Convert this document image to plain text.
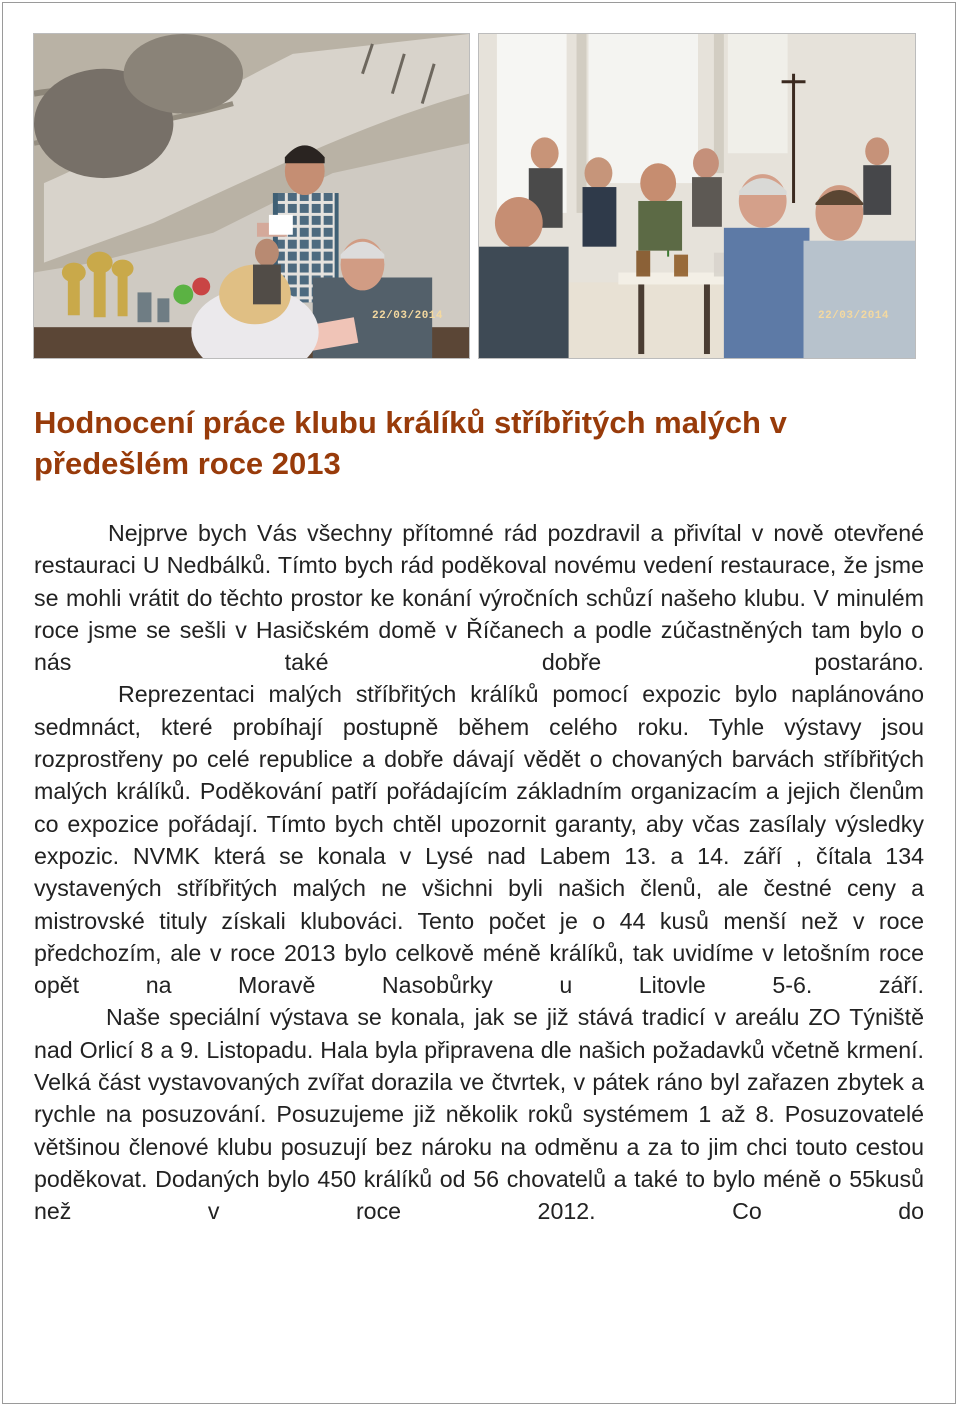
22/03/2014	22/03/2014
Hodnocení práce klubu králíků stříbřitých malých v předešlém roce 2013

Nejprve bych Vás všechny přítomné rád pozdravil a přivítal v nově otevřené restauraci U Nedbálků. Tímto bych rád poděkoval novému vedení restaurace, že jsme se mohli vrátit do těchto prostor ke konání výročních schůzí našeho klubu. V minulém roce jsme se sešli v Hasičském domě v Říčanech a podle zúčastněných tam bylo o nás také dobře postaráno.

Reprezentaci malých stříbřitých králíků pomocí expozic bylo naplánováno sedmnáct, které probíhají postupně během celého roku. Tyhle výstavy jsou rozprostřeny po celé republice a dobře dávají vědět o chovaných barvách stříbřitých malých králíků. Poděkování patří pořádajícím základním organizacím a jejich členům co expozice pořádají. Tímto bych chtěl upozornit garanty, aby včas zasílaly výsledky expozic. NVMK která se konala v Lysé nad Labem 13. a 14. září , čítala 134 vystavených stříbřitých malých ne všichni byli našich členů, ale čestné ceny a mistrovské tituly získali klubováci. Tento počet je o 44 kusů menší než v roce předchozím, ale v roce 2013 bylo celkově méně králíků, tak uvidíme v letošním roce opět na Moravě Nasobůrky u Litovle 5-6. září.

Naše speciální výstava se konala, jak se již stává tradicí v areálu ZO Týniště nad Orlicí 8 a 9. Listopadu. Hala byla připravena dle našich požadavků včetně krmení. Velká část vystavovaných zvířat dorazila ve čtvrtek, v pátek ráno byl zařazen zbytek a rychle na posuzování. Posuzujeme již několik roků systémem 1 až 8. Posuzovatelé většinou členové klubu posuzují bez nároku na odměnu a za to jim chci touto cestou poděkovat. Dodaných bylo 450 králíků od 56 chovatelů a také to bylo méně o 55kusů než v roce 2012. Co do
